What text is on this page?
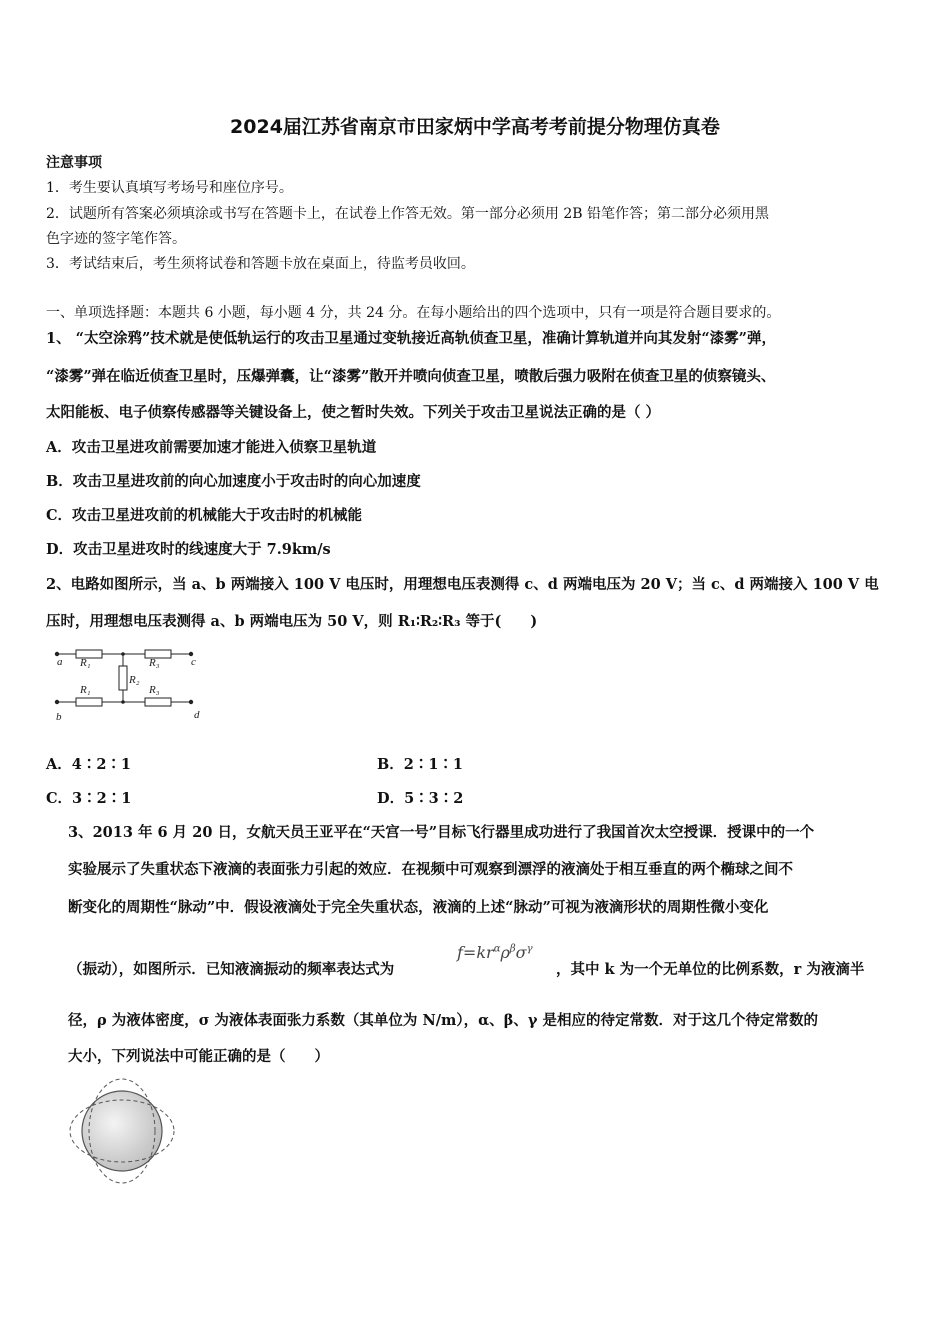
2024届江苏省南京市田家炳中学高考考前提分物理仿真卷
注意事项
1．考生要认真填写考场号和座位序号。
2．试题所有答案必须填涂或书写在答题卡上，在试卷上作答无效。第一部分必须用 2B 铅笔作答；第二部分必须用黑
色字迹的签字笔作答。
3．考试结束后，考生须将试卷和答题卡放在桌面上，待监考员收回。
一、单项选择题：本题共 6 小题，每小题 4 分，共 24 分。在每小题给出的四个选项中，只有一项是符合题目要求的。
1、 “太空涂鸦”技术就是使低轨运行的攻击卫星通过变轨接近高轨侦查卫星，准确计算轨道并向其发射“漆雾”弹，
“漆雾”弹在临近侦查卫星时，压爆弹囊，让“漆雾”散开并喷向侦查卫星，喷散后强力吸附在侦查卫星的侦察镜头、
太阳能板、电子侦察传感器等关键设备上，使之暂时失效。下列关于攻击卫星说法正确的是（ ）
A．攻击卫星进攻前需要加速才能进入侦察卫星轨道
B．攻击卫星进攻前的向心加速度小于攻击时的向心加速度
C．攻击卫星进攻前的机械能大于攻击时的机械能
D．攻击卫星进攻时的线速度大于 7.9km/s
2、电路如图所示，当 a、b 两端接入 100 V 电压时，用理想电压表测得 c、d 两端电压为 20 V；当 c、d 两端接入 100 V 电
压时，用理想电压表测得 a、b 两端电压为 50 V，则 R₁∶R₂∶R₃ 等于(　　)
a	c
b	d
R₁	R₃
R₂
R₁	R₃
A．4∶2∶1	B．2∶1∶1
C．3∶2∶1	D．5∶3∶2
3、2013 年 6 月 20 日，女航天员王亚平在“天宫一号”目标飞行器里成功进行了我国首次太空授课．授课中的一个
实验展示了失重状态下液滴的表面张力引起的效应．在视频中可观察到漂浮的液滴处于相互垂直的两个椭球之间不
断变化的周期性“脉动”中．假设液滴处于完全失重状态，液滴的上述“脉动”可视为液滴形状的周期性微小变化
（振动），如图所示．已知液滴振动的频率表达式为
$f=kr^\alpha\rho^\beta\sigma^\gamma$
，其中 k 为一个无单位的比例系数，r 为液滴半
径，ρ 为液体密度，σ 为液体表面张力系数（其单位为 N/m），α、β、γ 是相应的待定常数．对于这几个待定常数的
大小，下列说法中可能正确的是（　　）
